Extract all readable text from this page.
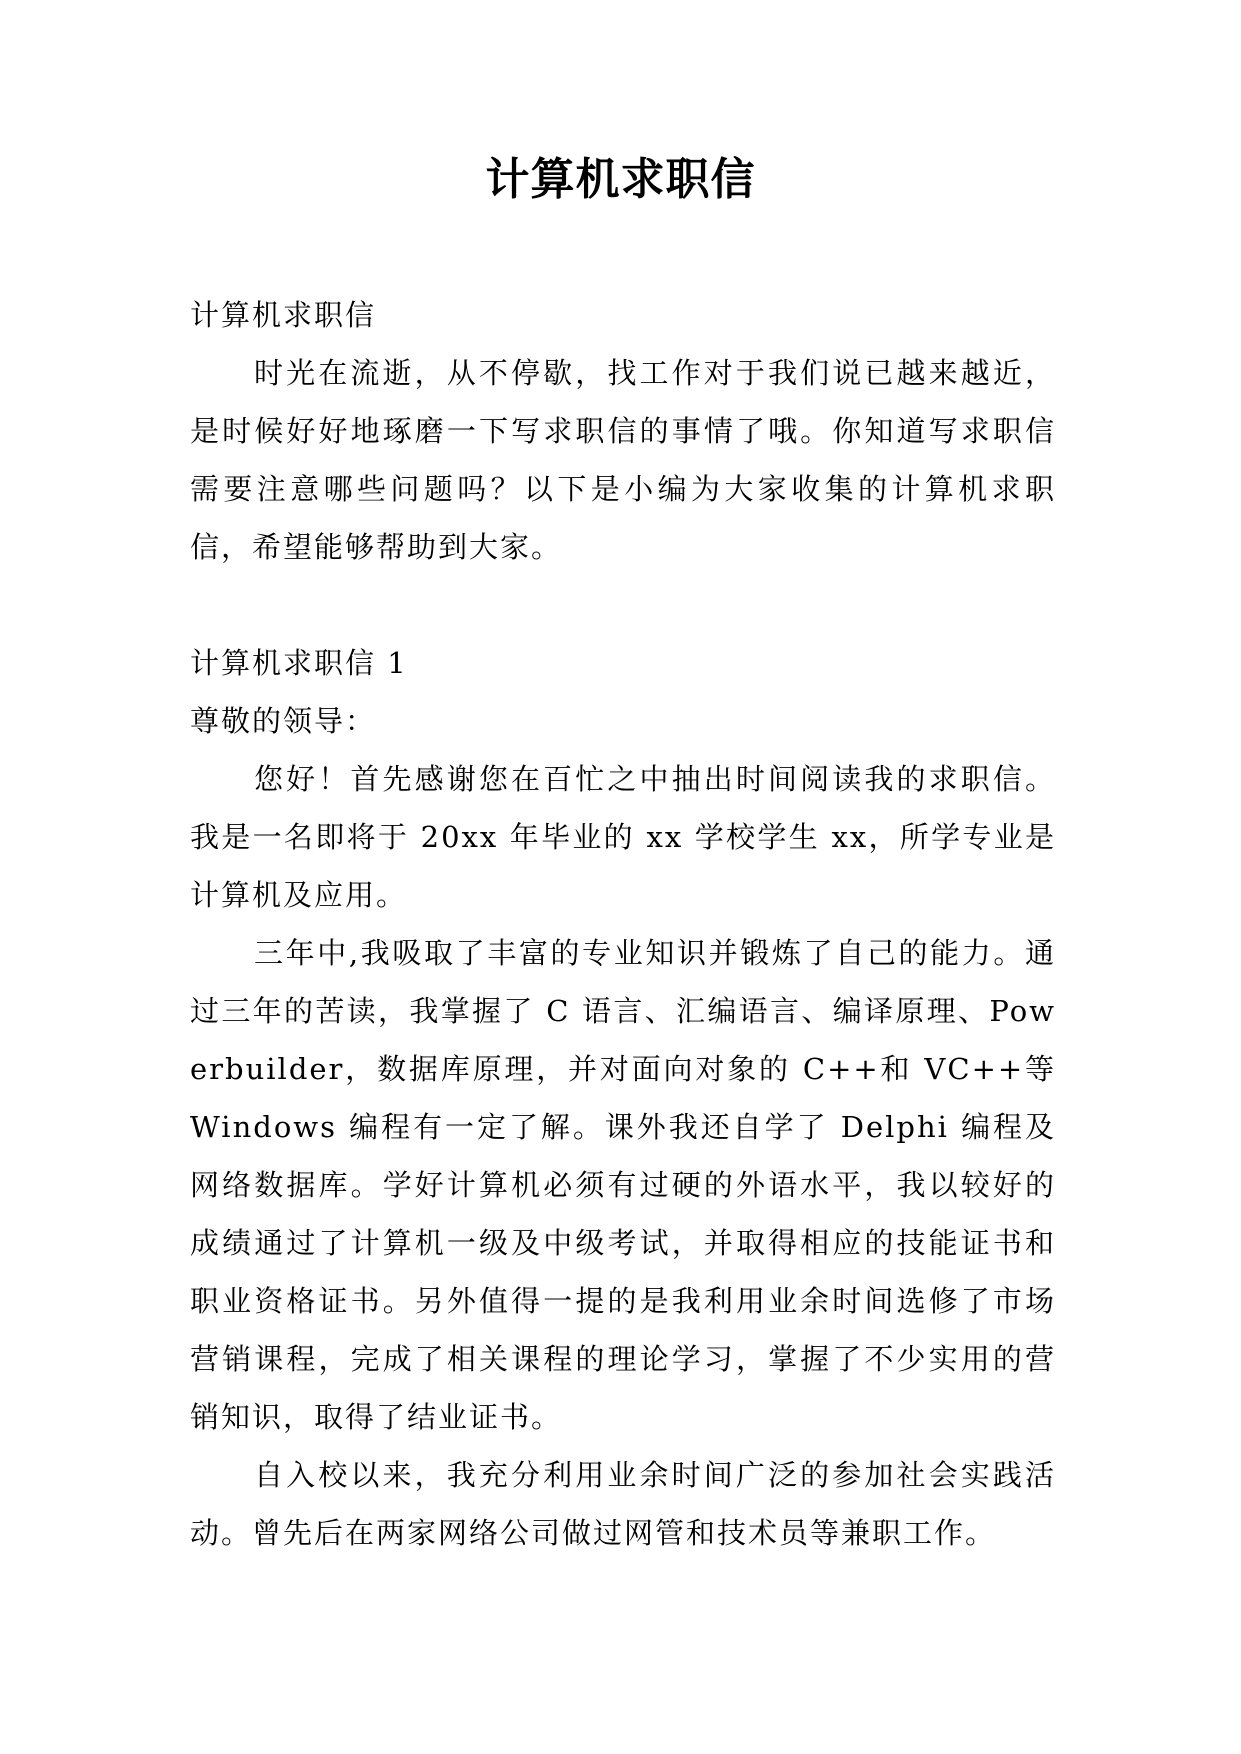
计算机求职信

计算机求职信

时光在流逝，从不停歇，找工作对于我们说已越来越近，是时候好好地琢磨一下写求职信的事情了哦。你知道写求职信需要注意哪些问题吗？以下是小编为大家收集的计算机求职信，希望能够帮助到大家。

计算机求职信 1

尊敬的领导：

您好！首先感谢您在百忙之中抽出时间阅读我的求职信。我是一名即将于 20xx 年毕业的 xx 学校学生 xx，所学专业是计算机及应用。

三年中,我吸取了丰富的专业知识并锻炼了自己的能力。通过三年的苦读，我掌握了 C 语言、汇编语言、编译原理、Powerbuilder，数据库原理，并对面向对象的 C++和 VC++等 Windows 编程有一定了解。课外我还自学了 Delphi 编程及网络数据库。学好计算机必须有过硬的外语水平，我以较好的成绩通过了计算机一级及中级考试，并取得相应的技能证书和职业资格证书。另外值得一提的是我利用业余时间选修了市场营销课程，完成了相关课程的理论学习，掌握了不少实用的营销知识，取得了结业证书。

自入校以来，我充分利用业余时间广泛的参加社会实践活动。曾先后在两家网络公司做过网管和技术员等兼职工作。
